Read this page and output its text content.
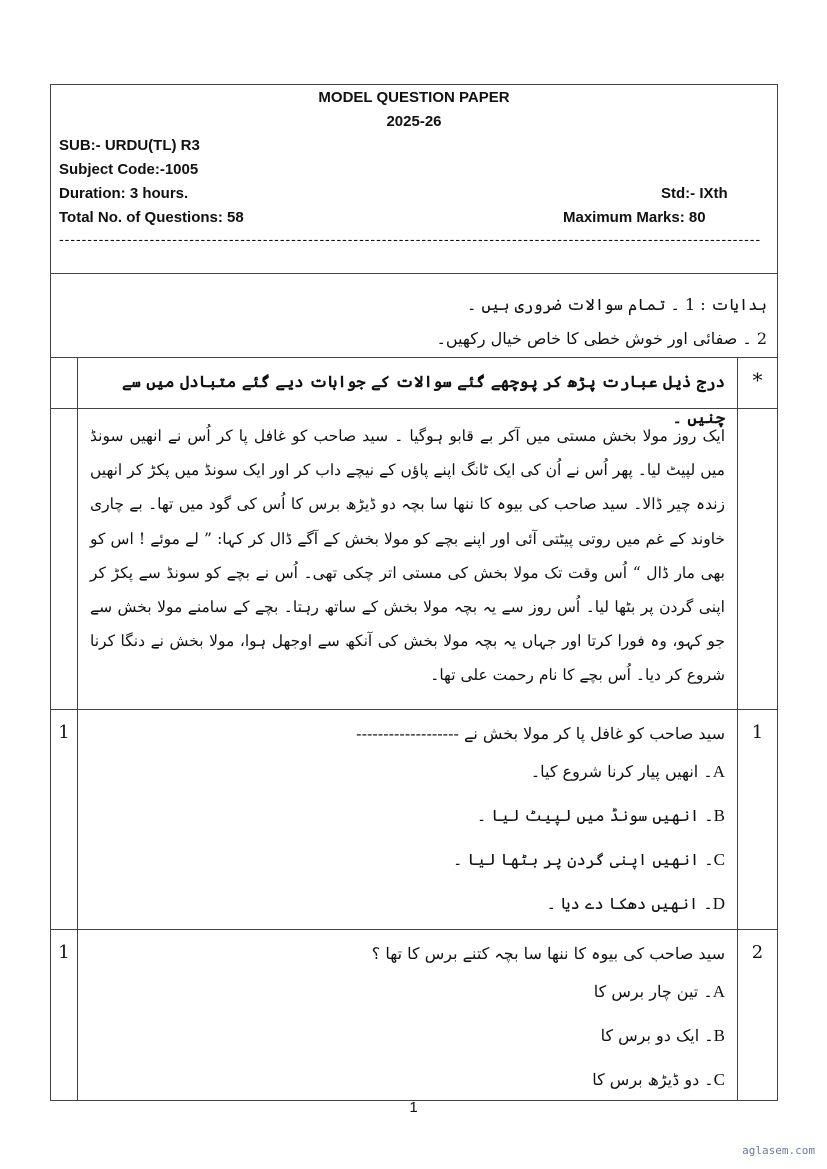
MODEL QUESTION PAPER
2025-26
SUB:- URDU(TL) R3
Subject Code:-1005
Duration: 3 hours.	Std:- IXth
Total No. of Questions: 58	Maximum Marks: 80
----------------------------------------------------------------------------------------------------------------------------
ہدایات : 1 ۔ تمام سوالات ضروری ہیں ۔
2 ۔ صفائی اور خوش خطی کا خاص خیال رکھیں۔
*
درج ذیل عبارت پڑھ کر پوچھے گئے سوالات کے جوابات دیے گئے متبادل میں سے چنیں ۔

ایک روز مولا بخش مستی میں آکر بے قابو ہوگیا ۔ سید صاحب کو غافل پا کر اُس نے انھیں سونڈ میں لپیٹ لیا۔ پھر اُس نے اُن کی ایک ٹانگ اپنے پاؤں کے نیچے داب کر اور ایک سونڈ میں پکڑ کر انھیں زندہ چیر ڈالا۔ سید صاحب کی بیوہ کا ننھا سا بچہ دو ڈیڑھ برس کا اُس کی گود میں تھا۔ بے چاری خاوند کے غم میں روتی پیٹتی آئی اور اپنے بچے کو مولا بخش کے آگے ڈال کر کہا: ” لے موئے ! اس کو بھی مار ڈال “ اُس وقت تک مولا بخش کی مستی اتر چکی تھی۔ اُس نے بچے کو سونڈ سے پکڑ کر اپنی گردن پر بٹھا لیا۔ اُس روز سے یہ بچہ مولا بخش کے ساتھ رہتا۔ بچے کے سامنے مولا بخش سے جو کہو، وہ فورا کرتا اور جہاں یہ بچہ مولا بخش کی آنکھ سے اوجھل ہوا، مولا بخش نے دنگا کرنا شروع کر دیا۔ اُس بچے کا نام رحمت علی تھا۔

1
سید صاحب کو غافل پا کر مولا بخش نے -------------------
A۔ انھیں پیار کرنا شروع کیا۔
B۔ انھیں سونڈ میں لپیٹ لیا ۔
C۔ انھیں اپنی گردن پر بٹھا لیا ۔
D۔ انھیں دھکا دے دیا ۔
1
2
سید صاحب کی بیوہ کا ننھا سا بچہ کتنے برس کا تھا ؟
A۔ تین چار برس کا
B۔ ایک دو برس کا
C۔ دو ڈیڑھ برس کا
1
1
aglasem.com
